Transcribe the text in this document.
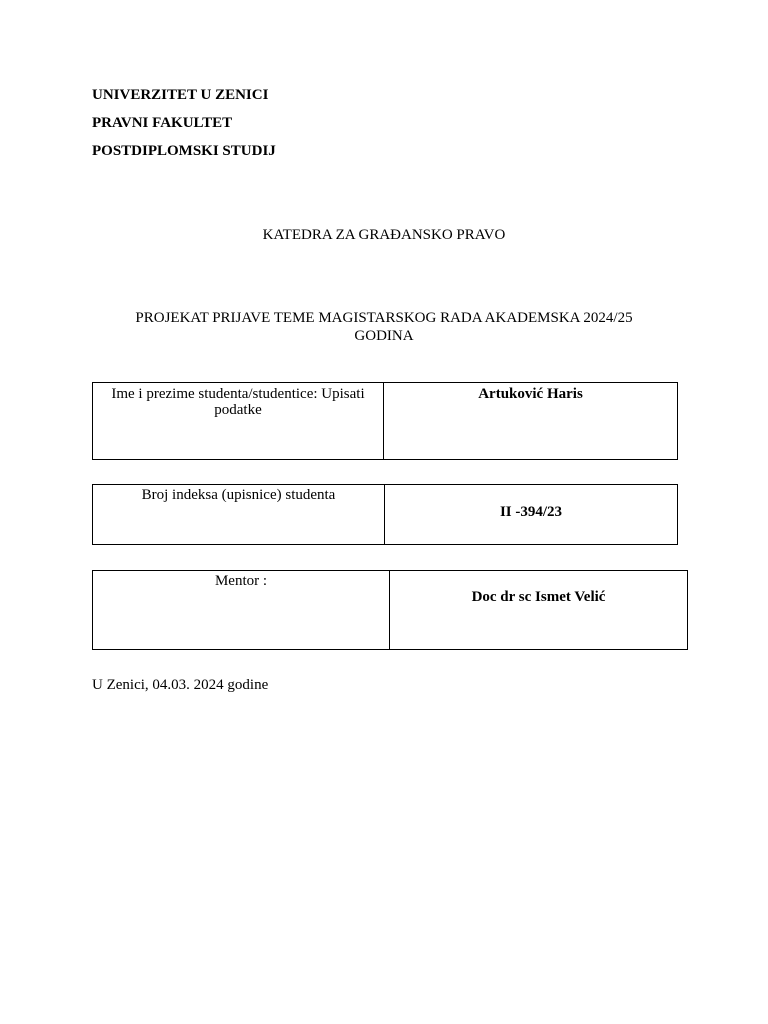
UNIVERZITET U ZENICI
PRAVNI FAKULTET
POSTDIPLOMSKI STUDIJ
KATEDRA ZA GRAĐANSKO PRAVO
PROJEKAT PRIJAVE TEME MAGISTARSKOG RADA AKADEMSKA 2024/25 GODINA
Ime i prezime studenta/studentice: Upisati podatke	Artuković Haris
Broj indeksa (upisnice) studenta	II -394/23
Mentor :	Doc dr sc Ismet Velić
U Zenici, 04.03. 2024 godine
